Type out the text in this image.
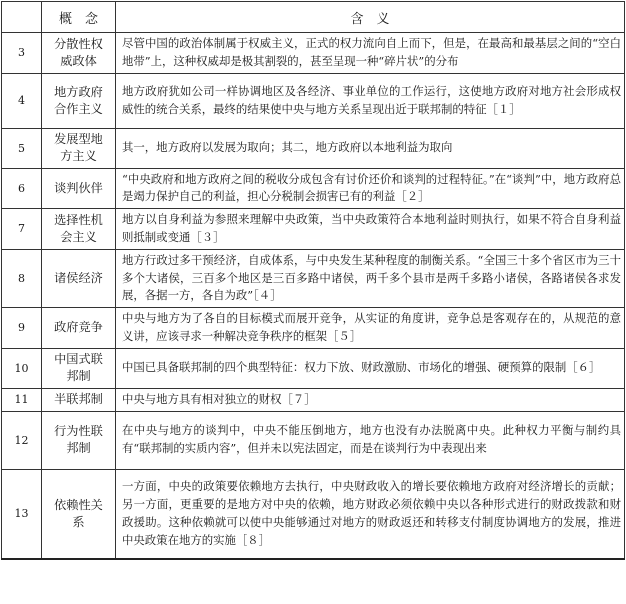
	概　念	含　义
3	分散性权威政体	尽管中国的政治体制属于权威主义，正式的权力流向自上而下，但是，在最高和最基层之间的“空白地带”上，这种权威却是极其割裂的，甚至呈现一种“碎片状”的分布
4	地方政府合作主义	地方政府犹如公司一样协调地区及各经济、事业单位的工作运行，这使地方政府对地方社会形成权威性的统合关系，最终的结果使中央与地方关系呈现出近于联邦制的特征［１］
5	发展型地方主义	其一，地方政府以发展为取向；其二，地方政府以本地利益为取向
6	谈判伙伴	“中央政府和地方政府之间的税收分成包含有讨价还价和谈判的过程特征。”在“谈判”中，地方政府总是竭力保护自己的利益，担心分税制会损害已有的利益［２］
7	选择性机会主义	地方以自身利益为参照来理解中央政策，当中央政策符合本地利益时则执行，如果不符合自身利益则抵制或变通［３］
8	诸侯经济	地方行政过多干预经济，自成体系，与中央发生某种程度的制衡关系。“全国三十多个省区市为三十多个大诸侯，三百多个地区是三百多路中诸侯，两千多个县市是两千多路小诸侯，各路诸侯各求发展，各据一方，各自为政”［４］
9	政府竞争	中央与地方为了各自的目标模式而展开竞争，从实证的角度讲，竞争总是客观存在的，从规范的意义讲，应该寻求一种解决竞争秩序的框架［５］
10	中国式联邦制	中国已具备联邦制的四个典型特征：权力下放、财政激励、市场化的增强、硬预算的限制［６］
11	半联邦制	中央与地方具有相对独立的财权［７］
12	行为性联邦制	在中央与地方的谈判中，中央不能压倒地方，地方也没有办法脱离中央。此种权力平衡与制约具有“联邦制的实质内容”，但并未以宪法固定，而是在谈判行为中表现出来
13	依赖性关系	一方面，中央的政策要依赖地方去执行，中央财政收入的增长要依赖地方政府对经济增长的贡献；另一方面，更重要的是地方对中央的依赖，地方财政必须依赖中央以各种形式进行的财政拨款和财政援助。这种依赖就可以使中央能够通过对地方的财政返还和转移支付制度协调地方的发展，推进中央政策在地方的实施［８］
